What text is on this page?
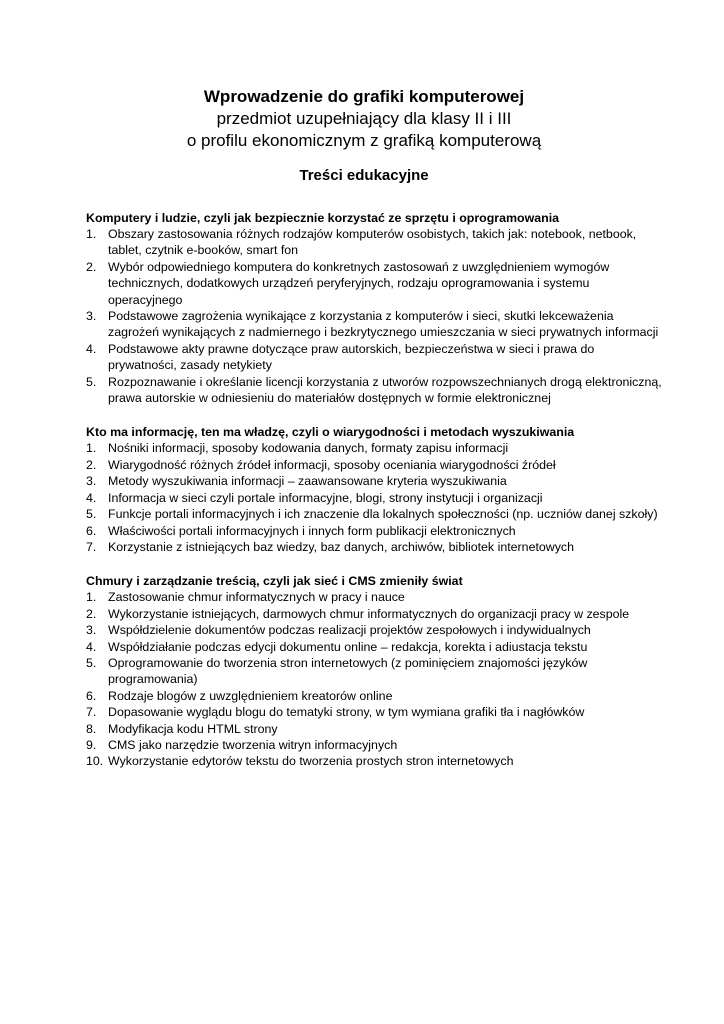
Wprowadzenie do grafiki komputerowej

przedmiot uzupełniający dla klasy II i III

o profilu ekonomicznym z grafiką komputerową

Treści edukacyjne

Komputery i ludzie, czyli jak bezpiecznie korzystać ze sprzętu i oprogramowania

1. Obszary zastosowania różnych rodzajów komputerów osobistych, takich jak: notebook, netbook, tablet, czytnik e-booków, smart fon
2. Wybór odpowiedniego komputera do konkretnych zastosowań z uwzględnieniem wymogów technicznych, dodatkowych urządzeń peryferyjnych, rodzaju oprogramowania i systemu operacyjnego
3. Podstawowe zagrożenia wynikające z korzystania z komputerów i sieci, skutki lekceważenia zagrożeń wynikających z nadmiernego i bezkrytycznego umieszczania w sieci prywatnych informacji
4. Podstawowe akty prawne dotyczące praw autorskich, bezpieczeństwa w sieci i prawa do prywatności, zasady netykiety
5. Rozpoznawanie i określanie licencji korzystania z utworów rozpowszechnianych drogą elektroniczną, prawa autorskie w odniesieniu do materiałów dostępnych w formie elektronicznej

Kto ma informację, ten ma władzę, czyli o wiarygodności i metodach wyszukiwania

1. Nośniki informacji, sposoby kodowania danych, formaty zapisu informacji
2. Wiarygodność różnych źródeł informacji, sposoby oceniania wiarygodności źródeł
3. Metody wyszukiwania informacji – zaawansowane kryteria wyszukiwania
4. Informacja w sieci czyli portale informacyjne, blogi, strony instytucji i organizacji
5. Funkcje portali informacyjnych i ich znaczenie dla lokalnych społeczności (np. uczniów danej szkoły)
6. Właściwości portali informacyjnych i innych form publikacji elektronicznych
7. Korzystanie z istniejących baz wiedzy, baz danych, archiwów, bibliotek internetowych

Chmury i zarządzanie treścią, czyli jak sieć i CMS zmieniły świat

1. Zastosowanie chmur informatycznych w pracy i nauce
2. Wykorzystanie istniejących, darmowych chmur informatycznych do organizacji pracy w zespole
3. Współdzielenie dokumentów podczas realizacji projektów zespołowych i indywidualnych
4. Współdziałanie podczas edycji dokumentu online – redakcja, korekta i adiustacja tekstu
5. Oprogramowanie do tworzenia stron internetowych (z pominięciem znajomości języków programowania)
6. Rodzaje blogów z uwzględnieniem kreatorów online
7. Dopasowanie wyglądu blogu do tematyki strony, w tym wymiana grafiki tła i nagłówków
8. Modyfikacja kodu HTML strony
9. CMS jako narzędzie tworzenia witryn informacyjnych
10. Wykorzystanie edytorów tekstu do tworzenia prostych stron internetowych
